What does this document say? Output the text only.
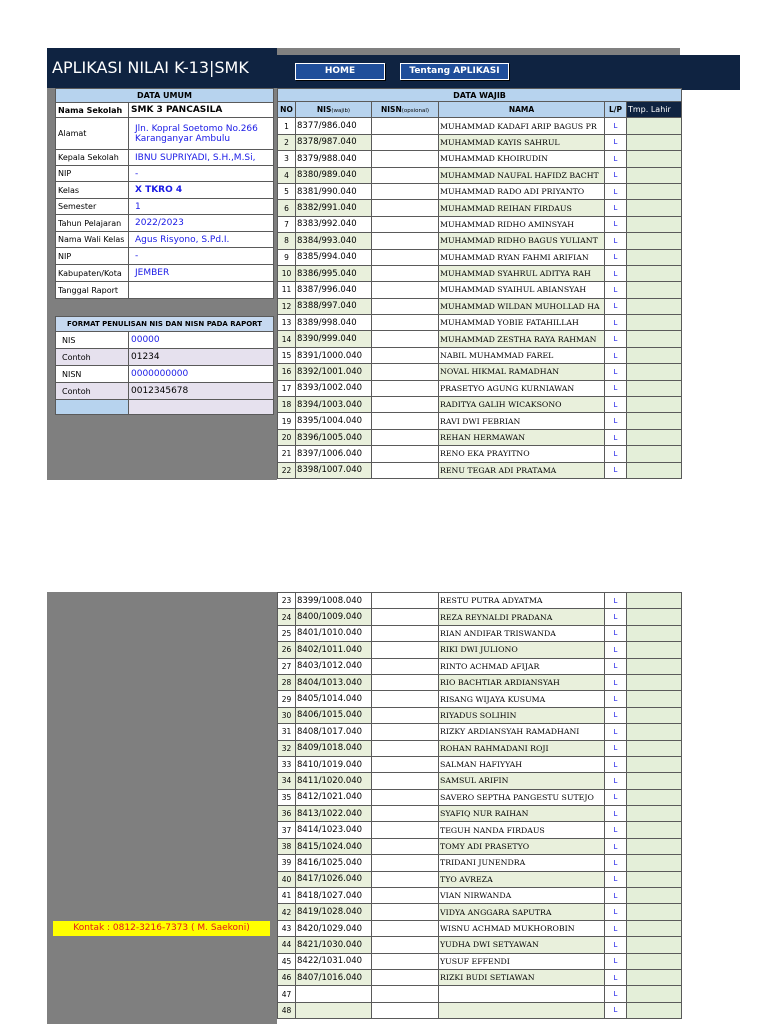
APLIKASI NILAI K-13|SMK	HOME	Tentang APLIKASI
DATA UMUM	
Nama Sekolah	SMK 3 PANCASILA
Alamat	Jln. Kopral Soetomo No.266 Karanganyar Ambulu
Kepala Sekolah	IBNU SUPRIYADI, S.H.,M.Si,
NIP	-
Kelas	X TKRO 4
Semester	1
Tahun Pelajaran	2022/2023
Nama Wali Kelas	Agus Risyono, S.Pd.I.
NIP	-
Kabupaten/Kota	JEMBER
Tanggal Raport	
FORMAT PENULISAN NIS DAN NISN PADA RAPORT	
NIS	00000
Contoh	01234
NISN	0000000000
Contoh	0012345678

Kontak : 0812-3216-7373 ( M. Saekoni)
DATA WAJIB					
NO	NIS(wajib)	NISN(opsional)	NAMA	L/P	Tmp. Lahir
1	8377/986.040		MUHAMMAD KADAFI ARIP BAGUS PR	L	
2	8378/987.040		MUHAMMAD KAYIS SAHRUL	L	
3	8379/988.040		MUHAMMAD KHOIRUDIN	L	
4	8380/989.040		MUHAMMAD NAUFAL HAFIDZ BACHT	L	
5	8381/990.040		MUHAMMAD RADO ADI PRIYANTO	L	
6	8382/991.040		MUHAMMAD REIHAN FIRDAUS	L	
7	8383/992.040		MUHAMMAD RIDHO AMINSYAH	L	
8	8384/993.040		MUHAMMAD RIDHO BAGUS YULIANT	L	
9	8385/994.040		MUHAMMAD RYAN FAHMI ARIFIAN	L	
10	8386/995.040		MUHAMMAD SYAHRUL ADITYA RAH	L	
11	8387/996.040		MUHAMMAD SYAIHUL ABIANSYAH	L	
12	8388/997.040		MUHAMMAD WILDAN MUHOLLAD HA	L	
13	8389/998.040		MUHAMMAD YOBIE FATAHILLAH	L	
14	8390/999.040		MUHAMMAD ZESTHA RAYA RAHMAN	L	
15	8391/1000.040		NABIL MUHAMMAD FAREL	L	
16	8392/1001.040		NOVAL HIKMAL RAMADHAN	L	
17	8393/1002.040		PRASETYO AGUNG KURNIAWAN	L	
18	8394/1003.040		RADITYA GALIH WICAKSONO	L	
19	8395/1004.040		RAVI DWI FEBRIAN	L	
20	8396/1005.040		REHAN HERMAWAN	L	
21	8397/1006.040		RENO EKA PRAYITNO	L	
22	8398/1007.040		RENU TEGAR ADI PRATAMA	L	
23	8399/1008.040		RESTU PUTRA ADYATMA	L	
24	8400/1009.040		REZA REYNALDI PRADANA	L	
25	8401/1010.040		RIAN ANDIFAR TRISWANDA	L	
26	8402/1011.040		RIKI DWI JULIONO	L	
27	8403/1012.040		RINTO ACHMAD AFIJAR	L	
28	8404/1013.040		RIO BACHTIAR ARDIANSYAH	L	
29	8405/1014.040		RISANG WIJAYA KUSUMA	L	
30	8406/1015.040		RIYADUS SOLIHIN	L	
31	8408/1017.040		RIZKY ARDIANSYAH RAMADHANI	L	
32	8409/1018.040		ROHAN RAHMADANI ROJI	L	
33	8410/1019.040		SALMAN HAFIYYAH	L	
34	8411/1020.040		SAMSUL ARIFIN	L	
35	8412/1021.040		SAVERO SEPTHA PANGESTU SUTEJO	L	
36	8413/1022.040		SYAFIQ NUR RAIHAN	L	
37	8414/1023.040		TEGUH NANDA FIRDAUS	L	
38	8415/1024.040		TOMY ADI PRASETYO	L	
39	8416/1025.040		TRIDANI JUNENDRA	L	
40	8417/1026.040		TYO AVREZA	L	
41	8418/1027.040		VIAN NIRWANDA	L	
42	8419/1028.040		VIDYA ANGGARA SAPUTRA	L	
43	8420/1029.040		WISNU ACHMAD MUKHOROBIN	L	
44	8421/1030.040		YUDHA DWI SETYAWAN	L	
45	8422/1031.040		YUSUF EFFENDI	L	
46	8407/1016.040		RIZKI BUDI SETIAWAN	L	
47				L	
48				L	
